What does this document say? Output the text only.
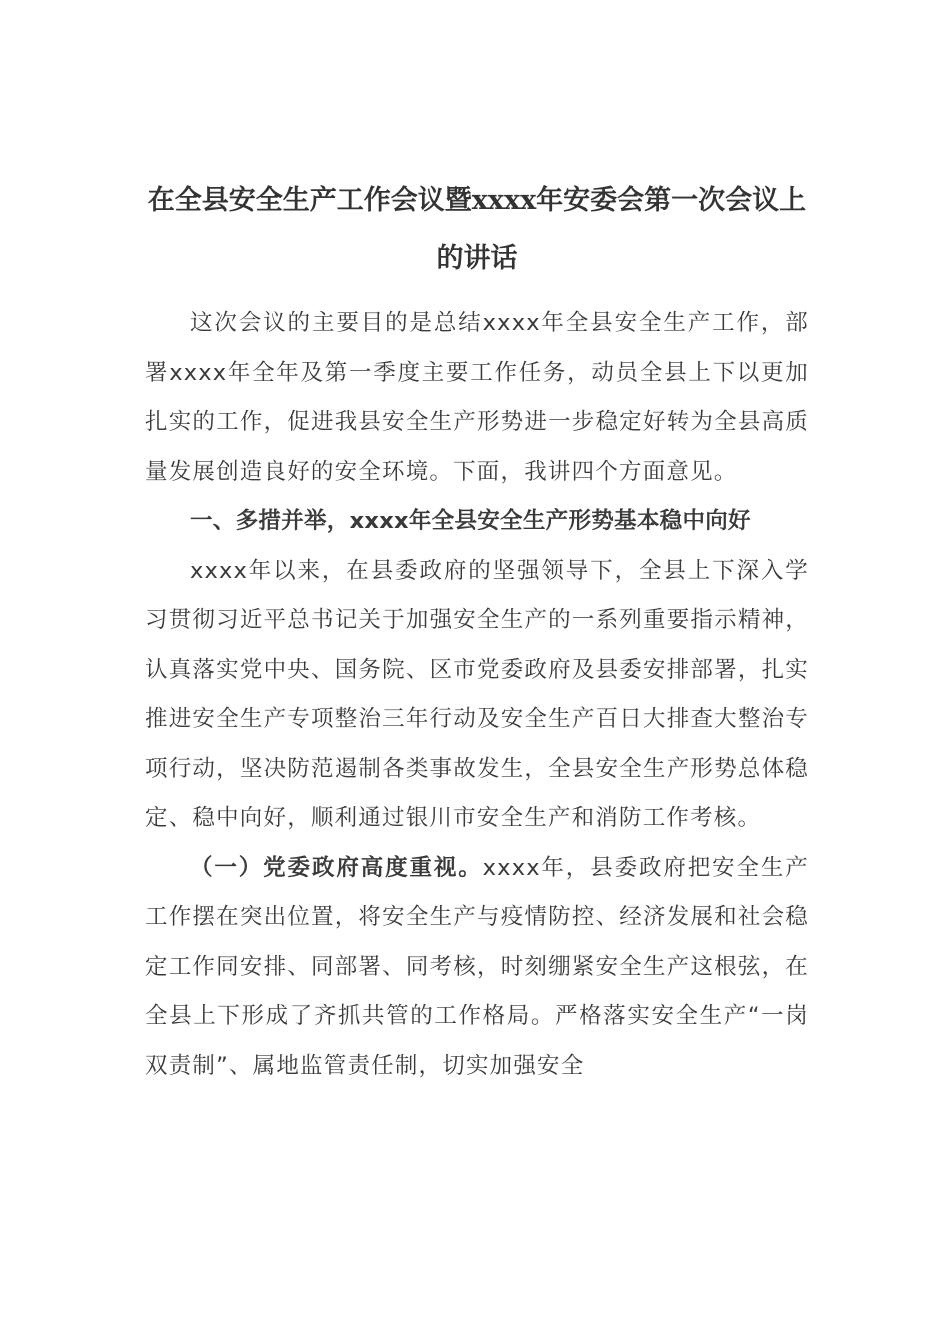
在全县安全生产工作会议暨xxxx年安委会第一次会议上的讲话

这次会议的主要目的是总结xxxx年全县安全生产工作，部署xxxx年全年及第一季度主要工作任务，动员全县上下以更加扎实的工作，促进我县安全生产形势进一步稳定好转为全县高质量发展创造良好的安全环境。下面，我讲四个方面意见。

一、多措并举，xxxx年全县安全生产形势基本稳中向好

xxxx年以来，在县委政府的坚强领导下，全县上下深入学习贯彻习近平总书记关于加强安全生产的一系列重要指示精神，认真落实党中央、国务院、区市党委政府及县委安排部署，扎实推进安全生产专项整治三年行动及安全生产百日大排查大整治专项行动，坚决防范遏制各类事故发生，全县安全生产形势总体稳定、稳中向好，顺利通过银川市安全生产和消防工作考核。

（一）党委政府高度重视。xxxx年，县委政府把安全生产工作摆在突出位置，将安全生产与疫情防控、经济发展和社会稳定工作同安排、同部署、同考核，时刻绷紧安全生产这根弦，在全县上下形成了齐抓共管的工作格局。严格落实安全生产“一岗双责制”、属地监管责任制，切实加强安全
